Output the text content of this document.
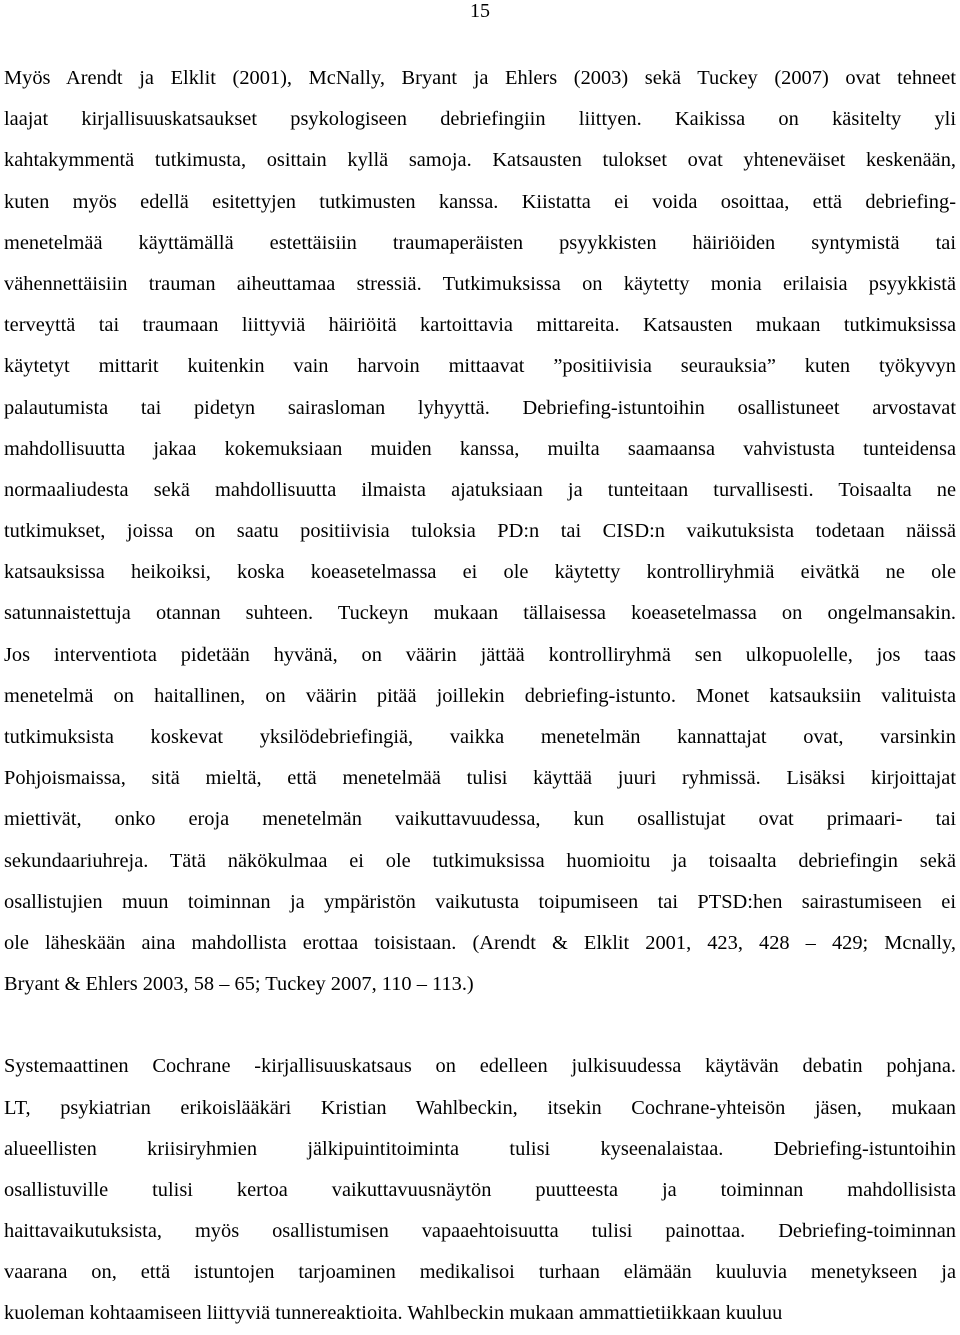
15
Myös Arendt ja Elklit (2001), McNally, Bryant ja Ehlers (2003) sekä Tuckey (2007) ovat tehneet
laajat kirjallisuuskatsaukset psykologiseen debriefingiin liittyen. Kaikissa on käsitelty yli
kahtakymmentä tutkimusta, osittain kyllä samoja. Katsausten tulokset ovat yhteneväiset keskenään,
kuten myös edellä esitettyjen tutkimusten kanssa. Kiistatta ei voida osoittaa, että debriefing-
menetelmää käyttämällä estettäisiin traumaperäisten psyykkisten häiriöiden syntymistä tai
vähennettäisiin trauman aiheuttamaa stressiä. Tutkimuksissa on käytetty monia erilaisia psyykkistä
terveyttä tai traumaan liittyviä häiriöitä kartoittavia mittareita. Katsausten mukaan tutkimuksissa
käytetyt mittarit kuitenkin vain harvoin mittaavat ”positiivisia seurauksia” kuten työkyvyn
palautumista tai pidetyn sairasloman lyhyyttä. Debriefing-istuntoihin osallistuneet arvostavat
mahdollisuutta jakaa kokemuksiaan muiden kanssa, muilta saamaansa vahvistusta tunteidensa
normaaliudesta sekä mahdollisuutta ilmaista ajatuksiaan ja tunteitaan turvallisesti. Toisaalta ne
tutkimukset, joissa on saatu positiivisia tuloksia PD:n tai CISD:n vaikutuksista todetaan näissä
katsauksissa heikoiksi, koska koeasetelmassa ei ole käytetty kontrolliryhmiä eivätkä ne ole
satunnaistettuja otannan suhteen. Tuckeyn mukaan tällaisessa koeasetelmassa on ongelmansakin.
Jos interventiota pidetään hyvänä, on väärin jättää kontrolliryhmä sen ulkopuolelle, jos taas
menetelmä on haitallinen, on väärin pitää joillekin debriefing-istunto. Monet katsauksiin valituista
tutkimuksista koskevat yksilödebriefingiä, vaikka menetelmän kannattajat ovat, varsinkin
Pohjoismaissa, sitä mieltä, että menetelmää tulisi käyttää juuri ryhmissä. Lisäksi kirjoittajat
miettivät, onko eroja menetelmän vaikuttavuudessa, kun osallistujat ovat primaari- tai
sekundaariuhreja. Tätä näkökulmaa ei ole tutkimuksissa huomioitu ja toisaalta debriefingin sekä
osallistujien muun toiminnan ja ympäristön vaikutusta toipumiseen tai PTSD:hen sairastumiseen ei
ole läheskään aina mahdollista erottaa toisistaan. (Arendt & Elklit 2001, 423, 428 – 429; Mcnally,
Bryant & Ehlers 2003, 58 – 65; Tuckey 2007, 110 – 113.)
Systemaattinen Cochrane -kirjallisuuskatsaus on edelleen julkisuudessa käytävän debatin pohjana.
LT, psykiatrian erikoislääkäri Kristian Wahlbeckin, itsekin Cochrane-yhteisön jäsen, mukaan
alueellisten kriisiryhmien jälkipuintitoiminta tulisi kyseenalaistaa. Debriefing-istuntoihin
osallistuville tulisi kertoa vaikuttavuusnäytön puutteesta ja toiminnan mahdollisista
haittavaikutuksista, myös osallistumisen vapaaehtoisuutta tulisi painottaa. Debriefing-toiminnan
vaarana on, että istuntojen tarjoaminen medikalisoi turhaan elämään kuuluvia menetykseen ja
kuoleman kohtaamiseen liittyviä tunnereaktioita. Wahlbeckin mukaan ammattietiikkaan kuuluu
